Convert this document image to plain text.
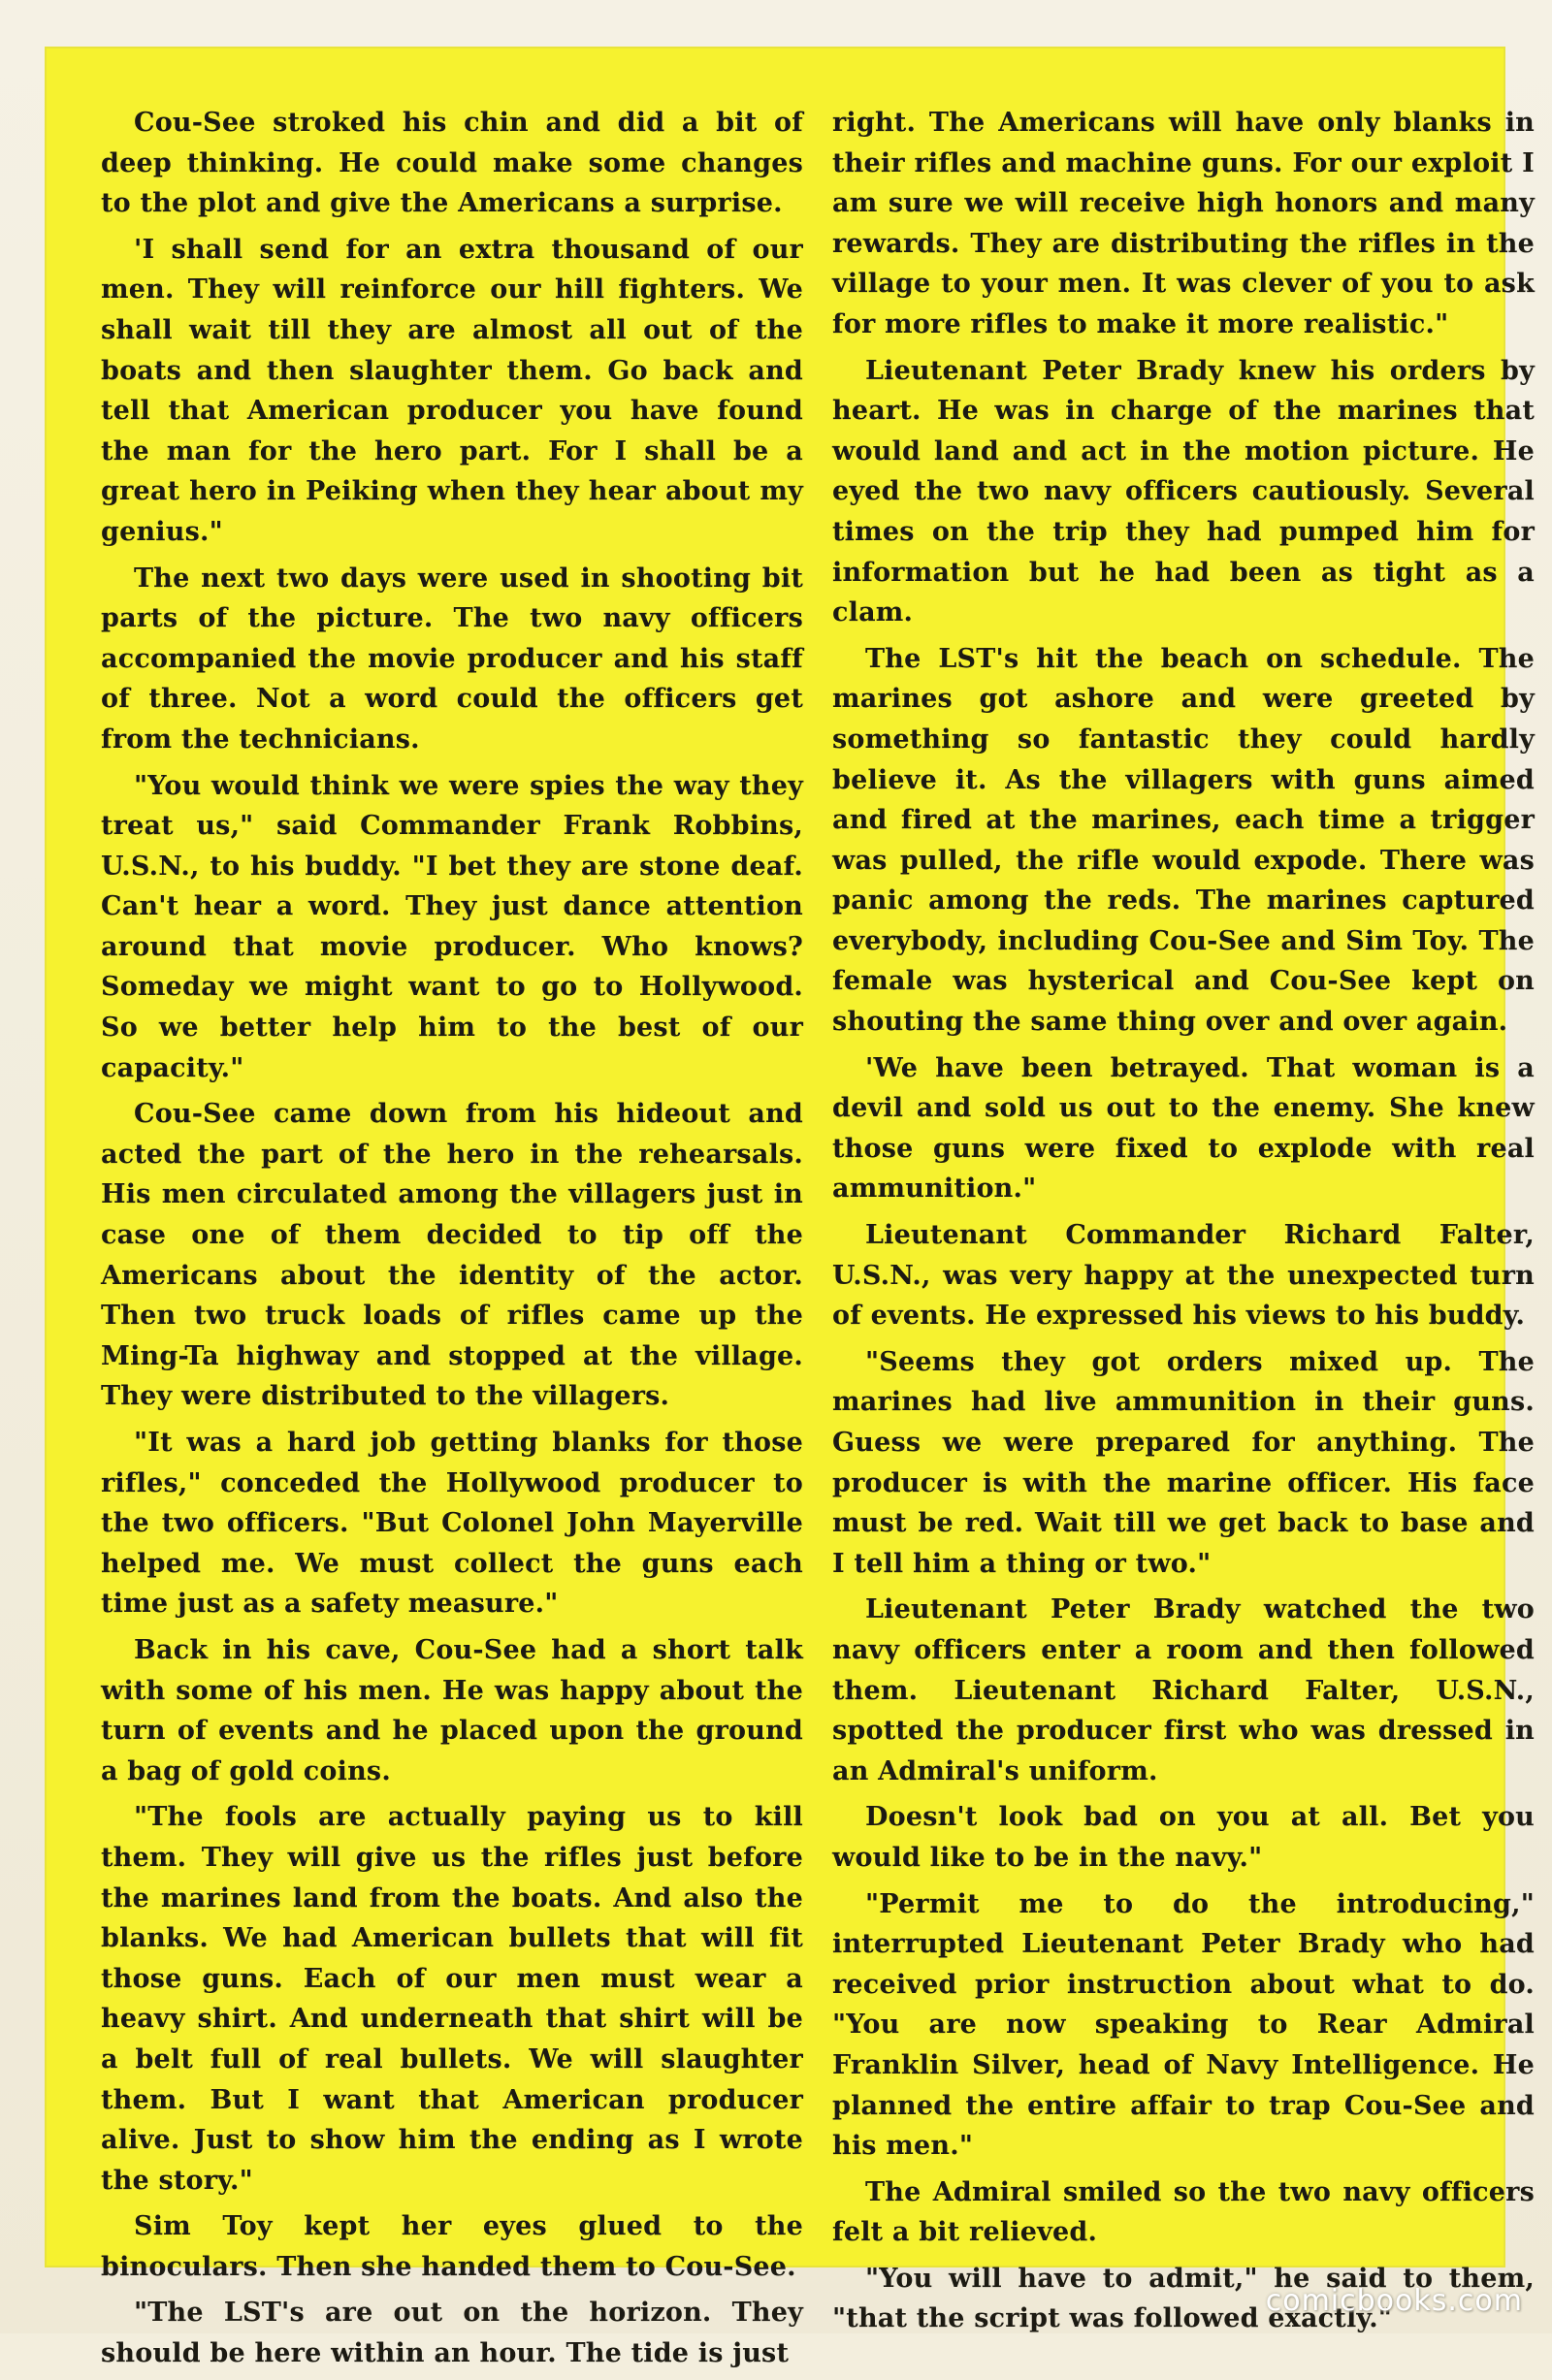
Cou-See stroked his chin and did a bit of deep thinking. He could make some changes to the plot and give the Americans a surprise.

'I shall send for an extra thousand of our men. They will reinforce our hill fighters. We shall wait till they are almost all out of the boats and then slaughter them. Go back and tell that American producer you have found the man for the hero part. For I shall be a great hero in Peiking when they hear about my genius."

The next two days were used in shooting bit parts of the picture. The two navy officers accompanied the movie producer and his staff of three. Not a word could the officers get from the technicians.

"You would think we were spies the way they treat us," said Commander Frank Robbins, U.S.N., to his buddy. "I bet they are stone deaf. Can't hear a word. They just dance attention around that movie producer. Who knows? Someday we might want to go to Hollywood. So we better help him to the best of our capacity."

Cou-See came down from his hideout and acted the part of the hero in the rehearsals. His men circulated among the villagers just in case one of them decided to tip off the Americans about the identity of the actor. Then two truck loads of rifles came up the Ming-Ta highway and stopped at the village. They were distributed to the villagers.

"It was a hard job getting blanks for those rifles," conceded the Hollywood producer to the two officers. "But Colonel John Mayerville helped me. We must collect the guns each time just as a safety measure."

Back in his cave, Cou-See had a short talk with some of his men. He was happy about the turn of events and he placed upon the ground a bag of gold coins.

"The fools are actually paying us to kill them. They will give us the rifles just before the marines land from the boats. And also the blanks. We had American bullets that will fit those guns. Each of our men must wear a heavy shirt. And underneath that shirt will be a belt full of real bullets. We will slaughter them. But I want that American producer alive. Just to show him the ending as I wrote the story."

Sim Toy kept her eyes glued to the binoculars. Then she handed them to Cou-See.

"The LST's are out on the horizon. They should be here within an hour. The tide is just

right. The Americans will have only blanks in their rifles and machine guns. For our exploit I am sure we will receive high honors and many rewards. They are distributing the rifles in the village to your men. It was clever of you to ask for more rifles to make it more realistic."

Lieutenant Peter Brady knew his orders by heart. He was in charge of the marines that would land and act in the motion picture. He eyed the two navy officers cautiously. Several times on the trip they had pumped him for information but he had been as tight as a clam.

The LST's hit the beach on schedule. The marines got ashore and were greeted by something so fantastic they could hardly believe it. As the villagers with guns aimed and fired at the marines, each time a trigger was pulled, the rifle would expode. There was panic among the reds. The marines captured everybody, including Cou-See and Sim Toy. The female was hysterical and Cou-See kept on shouting the same thing over and over again.

'We have been betrayed. That woman is a devil and sold us out to the enemy. She knew those guns were fixed to explode with real ammunition."

Lieutenant Commander Richard Falter, U.S.N., was very happy at the unexpected turn of events. He expressed his views to his buddy.

"Seems they got orders mixed up. The marines had live ammunition in their guns. Guess we were prepared for anything. The producer is with the marine officer. His face must be red. Wait till we get back to base and I tell him a thing or two."

Lieutenant Peter Brady watched the two navy officers enter a room and then followed them. Lieutenant Richard Falter, U.S.N., spotted the producer first who was dressed in an Admiral's uniform.

Doesn't look bad on you at all. Bet you would like to be in the navy."

"Permit me to do the introducing," interrupted Lieutenant Peter Brady who had received prior instruction about what to do. "You are now speaking to Rear Admiral Franklin Silver, head of Navy Intelligence. He planned the entire affair to trap Cou-See and his men."

The Admiral smiled so the two navy officers felt a bit relieved.

"You will have to admit," he said to them, "that the script was followed exactly."

comicbooks.com
